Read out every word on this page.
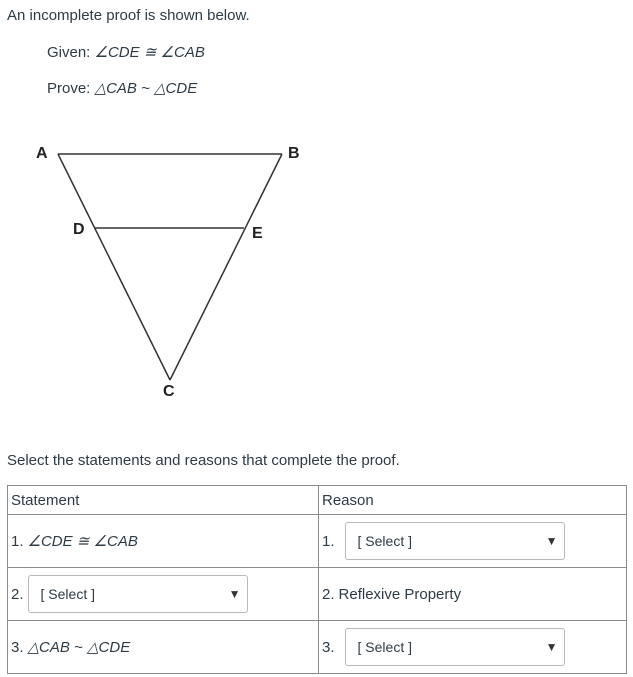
An incomplete proof is shown below.
Given: ∠CDE ≅ ∠CAB
Prove: △CAB ~ △CDE
A	B
D	E
C
Select the statements and reasons that complete the proof.
Statement	Reason
1. ∠CDE ≅ ∠CAB	1. [ Select ] ▼

2. [ Select ] ▼	2. Reflexive Property
3. △CAB ~ △CDE	3. [ Select ] ▼
